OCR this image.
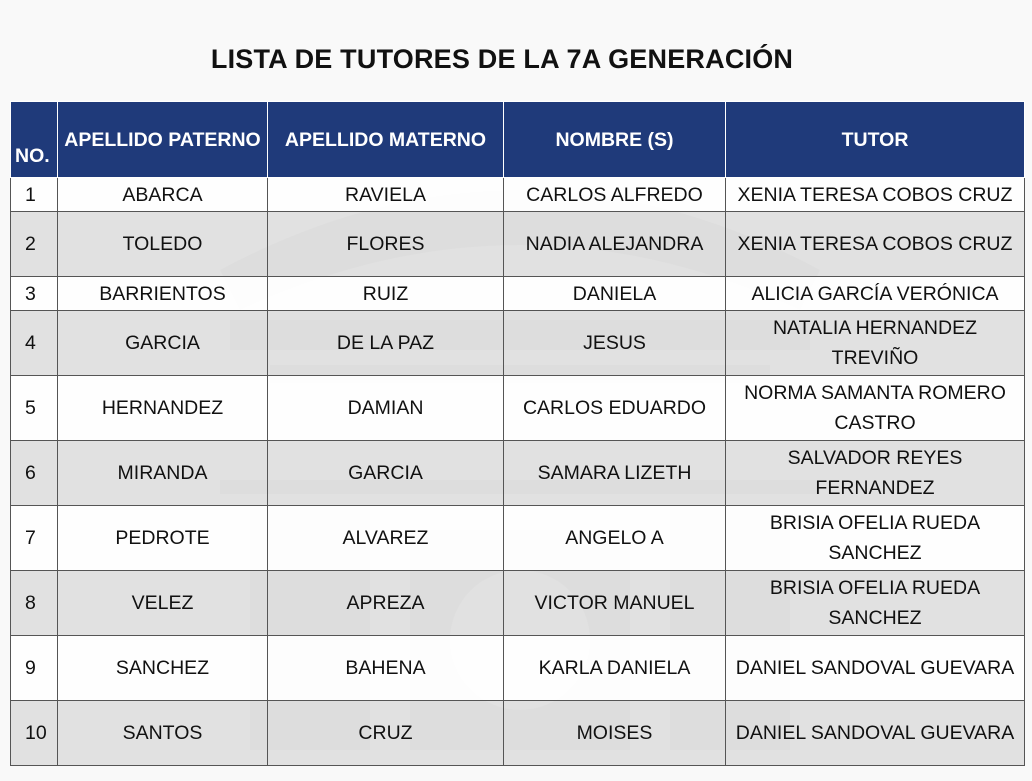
LISTA DE TUTORES DE LA 7A GENERACIÓN
NO.	APELLIDO PATERNO	APELLIDO MATERNO	NOMBRE (S)	TUTOR
1	ABARCA	RAVIELA	CARLOS ALFREDO	XENIA TERESA COBOS CRUZ
2	TOLEDO	FLORES	NADIA ALEJANDRA	XENIA TERESA COBOS CRUZ
3	BARRIENTOS	RUIZ	DANIELA	ALICIA GARCÍA VERÓNICA
4	GARCIA	DE LA PAZ	JESUS	NATALIA HERNANDEZ TREVIÑO
5	HERNANDEZ	DAMIAN	CARLOS EDUARDO	NORMA SAMANTA ROMERO CASTRO
6	MIRANDA	GARCIA	SAMARA LIZETH	SALVADOR REYES FERNANDEZ
7	PEDROTE	ALVAREZ	ANGELO A	BRISIA OFELIA RUEDA SANCHEZ
8	VELEZ	APREZA	VICTOR MANUEL	BRISIA OFELIA RUEDA SANCHEZ
9	SANCHEZ	BAHENA	KARLA DANIELA	DANIEL SANDOVAL GUEVARA
10	SANTOS	CRUZ	MOISES	DANIEL SANDOVAL GUEVARA
